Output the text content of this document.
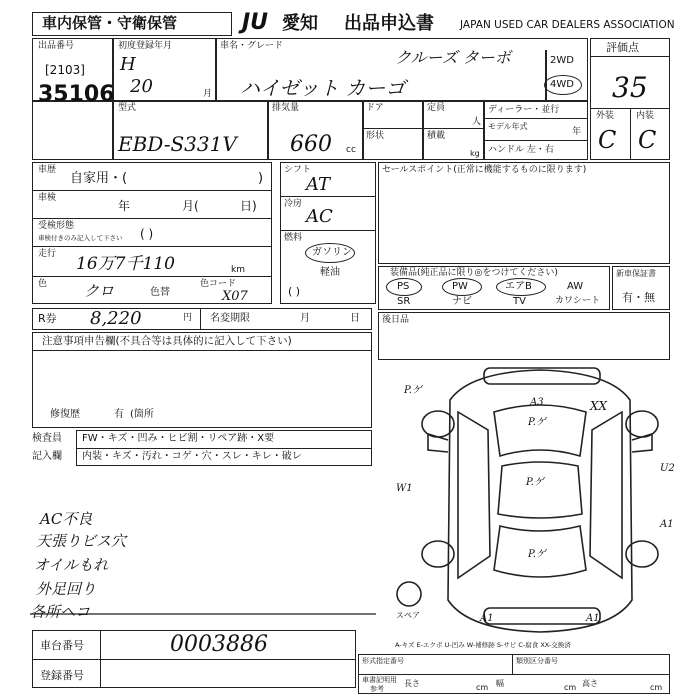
車内保管・守衛保管	JU 愛知 出品申込書 JAPAN USED CAR DEALERS ASSOCIATION
出品番号
[2103]
35106
初度登録年月
H
20	月
車名・グレード
クルーズ ターボ
ハイゼット カーゴ
2WD
4WD
評価点
35
外装 内装
C C
型式
EBD-S331V
排気量
660 cc
ドア
形状
定員
人
積載
kg
ディーラー・並行
モデル年式
年
ハンドル 左・右
車歴
自家用・(	)
車検
年	月(	日)
受検形態
車検付きのみ記入して下さい ( )
走行 16万7千110	km
色 クロ	色替
色コード
X07
シフト
AT
冷房
AC
燃料
ガソリン
軽油
( )
セールスポイント(正常に機能するものに限ります)
装備品(純正品に限り◎をつけてください)
PS	PW	エアB	AW
SR	ナビ	TV	カワシート
新車保証書
有・無
R券 8,220	円 名変期限	月	日 後日品
注意事項申告欄(不具合等は具体的に記入して下さい)
修復歴	有 (箇所
検査員
記入欄
FW・キズ・凹み・ヒビ割・リペア跡・X要
内装・キズ・汚れ・コゲ・穴・スレ・キレ・破レ
AC不良
天張りビス穴
オイルもれ
外足回り
各所ヘコ
P.ゲ
A3
P.ゲ
XX
W1
P.ゲ
U2
A1
P.ゲ
A1	A1
スペア
A-キズ E-エクボ U-凹み W-補修跡 S-サビ C-腐食 XX-交換済
車台番号	0003886
登録番号
形式指定番号	類別区分番号
車書記明用
参考
長さ	cm 幅	cm 高さ	cm
